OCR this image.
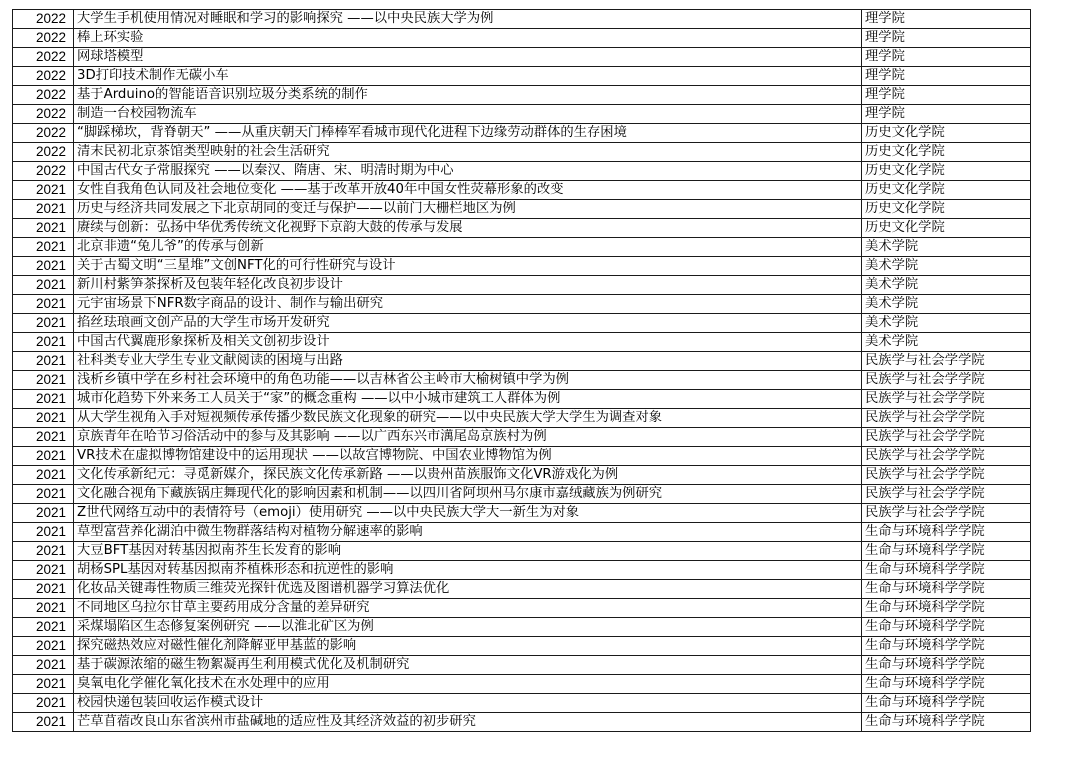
2022	大学生手机使用情况对睡眠和学习的影响探究 ——以中央民族大学为例	理学院
2022	棒上环实验	理学院
2022	网球塔模型	理学院
2022	3D打印技术制作无碳小车	理学院
2022	基于Arduino的智能语音识别垃圾分类系统的制作	理学院
2022	制造一台校园物流车	理学院
2022	“脚踩梯坎，背脊朝天” ——从重庆朝天门棒棒军看城市现代化进程下边缘劳动群体的生存困境	历史文化学院
2022	清末民初北京茶馆类型映射的社会生活研究	历史文化学院
2022	中国古代女子常服探究 ——以秦汉、隋唐、宋、明清时期为中心	历史文化学院
2021	女性自我角色认同及社会地位变化 ——基于改革开放40年中国女性荧幕形象的改变	历史文化学院
2021	历史与经济共同发展之下北京胡同的变迁与保护——以前门大栅栏地区为例	历史文化学院
2021	赓续与创新：弘扬中华优秀传统文化视野下京韵大鼓的传承与发展	历史文化学院
2021	北京非遗“兔儿爷”的传承与创新	美术学院
2021	关于古蜀文明“三星堆”文创NFT化的可行性研究与设计	美术学院
2021	新川村紫笋茶探析及包装年轻化改良初步设计	美术学院
2021	元宇宙场景下NFR数字商品的设计、制作与输出研究	美术学院
2021	掐丝珐琅画文创产品的大学生市场开发研究	美术学院
2021	中国古代翼鹿形象探析及相关文创初步设计	美术学院
2021	社科类专业大学生专业文献阅读的困境与出路	民族学与社会学学院
2021	浅析乡镇中学在乡村社会环境中的角色功能——以吉林省公主岭市大榆树镇中学为例	民族学与社会学学院
2021	城市化趋势下外来务工人员关于“家”的概念重构 ——以中小城市建筑工人群体为例	民族学与社会学学院
2021	从大学生视角入手对短视频传承传播少数民族文化现象的研究——以中央民族大学大学生为调查对象	民族学与社会学学院
2021	京族青年在哈节习俗活动中的参与及其影响 ——以广西东兴市澫尾岛京族村为例	民族学与社会学学院
2021	VR技术在虚拟博物馆建设中的运用现状 ——以故宫博物院、中国农业博物馆为例	民族学与社会学学院
2021	文化传承新纪元：寻觅新媒介，探民族文化传承新路 ——以贵州苗族服饰文化VR游戏化为例	民族学与社会学学院
2021	文化融合视角下藏族锅庄舞现代化的影响因素和机制——以四川省阿坝州马尔康市嘉绒藏族为例研究	民族学与社会学学院
2021	Z世代网络互动中的表情符号（emoji）使用研究 ——以中央民族大学大一新生为对象	民族学与社会学学院
2021	草型富营养化湖泊中微生物群落结构对植物分解速率的影响	生命与环境科学学院
2021	大豆BFT基因对转基因拟南芥生长发育的影响	生命与环境科学学院
2021	胡杨SPL基因对转基因拟南芥植株形态和抗逆性的影响	生命与环境科学学院
2021	化妆品关键毒性物质三维荧光探针优选及图谱机器学习算法优化	生命与环境科学学院
2021	不同地区乌拉尔甘草主要药用成分含量的差异研究	生命与环境科学学院
2021	采煤塌陷区生态修复案例研究 ——以淮北矿区为例	生命与环境科学学院
2021	探究磁热效应对磁性催化剂降解亚甲基蓝的影响	生命与环境科学学院
2021	基于碳源浓缩的磁生物絮凝再生利用模式优化及机制研究	生命与环境科学学院
2021	臭氧电化学催化氧化技术在水处理中的应用	生命与环境科学学院
2021	校园快递包装回收运作模式设计	生命与环境科学学院
2021	芒草苜蓿改良山东省滨州市盐碱地的适应性及其经济效益的初步研究	生命与环境科学学院
